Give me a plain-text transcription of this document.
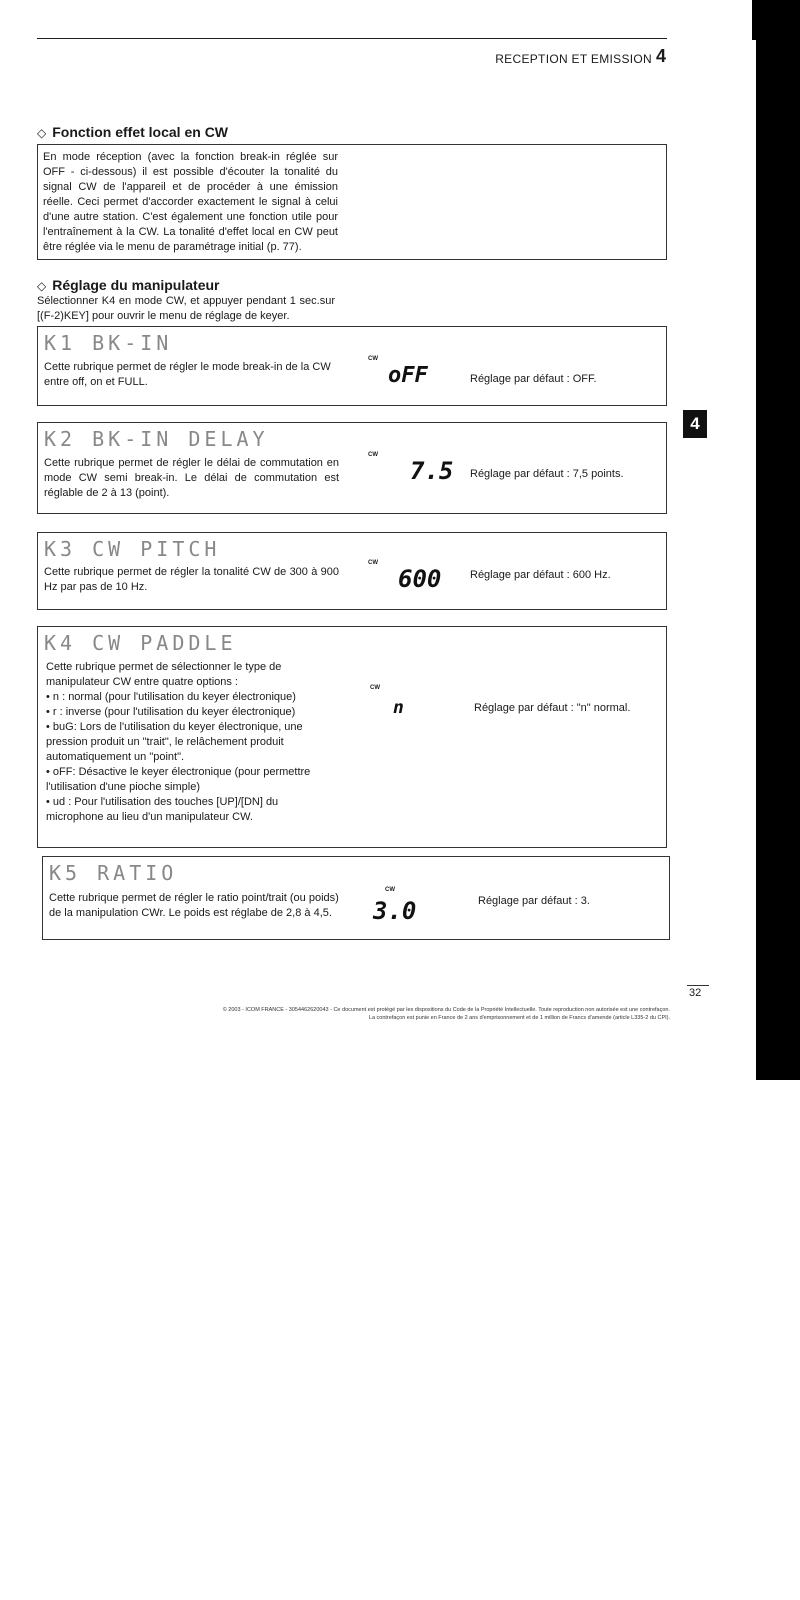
RECEPTION ET EMISSION 4
4
◇ Fonction effet local en CW
En mode réception (avec la fonction break-in réglée sur OFF - ci-dessous) il est possible d'écouter la tonalité du signal CW de l'appareil et de procéder à une émission réelle. Ceci permet d'accorder exactement le signal à celui d'une autre station. C'est également une fonction utile pour l'entraînement à la CW. La tonalité d'effet local en CW peut être réglée via le menu de paramétrage initial (p. 77).
◇ Réglage du manipulateur
Sélectionner K4 en mode CW, et appuyer pendant 1 sec.sur [(F-2)KEY] pour ouvrir le menu de réglage de keyer.
K1 BK-IN
Cette rubrique permet de régler le mode break-in de la CW entre off, on et FULL.
CW
oFF	Réglage par défaut : OFF.
K2 BK-IN DELAY
Cette rubrique permet de régler le délai de commutation en mode CW semi break-in. Le délai de commutation est réglable de 2 à 13 (point).
CW
7.5 Réglage par défaut : 7,5 points.
K3 CW PITCH
Cette rubrique permet de régler la tonalité CW de 300 à 900 Hz par pas de 10 Hz.
CW
600	Réglage par défaut : 600 Hz.
K4 CW PADDLE
Cette rubrique permet de sélectionner le type de manipulateur CW entre quatre options :
• n : normal (pour l'utilisation du keyer électronique)
• r : inverse (pour l'utilisation du keyer électronique)
• buG: Lors de l'utilisation du keyer électronique, une pression produit un "trait", le relâchement produit automatiquement un "point".
• oFF: Désactive le keyer électronique (pour permettre l'utilisation d'une pioche simple)
• ud : Pour l'utilisation des touches [UP]/[DN] du microphone au lieu d'un manipulateur CW.
CW
n	Réglage par défaut : "n" normal.
K5 RATIO
Cette rubrique permet de régler le ratio point/trait (ou poids) de la manipulation CWr. Le poids est réglabe de 2,8 à 4,5.
CW
3.0	Réglage par défaut : 3.
32
© 2003 - ICOM FRANCE - 3054462620043 - Ce document est protégé par les dispositions du Code de la Propriété Intellectuelle. Toute reproduction non autorisée est une contrefaçon.
La contrefaçon est punie en France de 2 ans d'emprisonnement et de 1 million de Francs d'amende (article L335-2 du CPI).
